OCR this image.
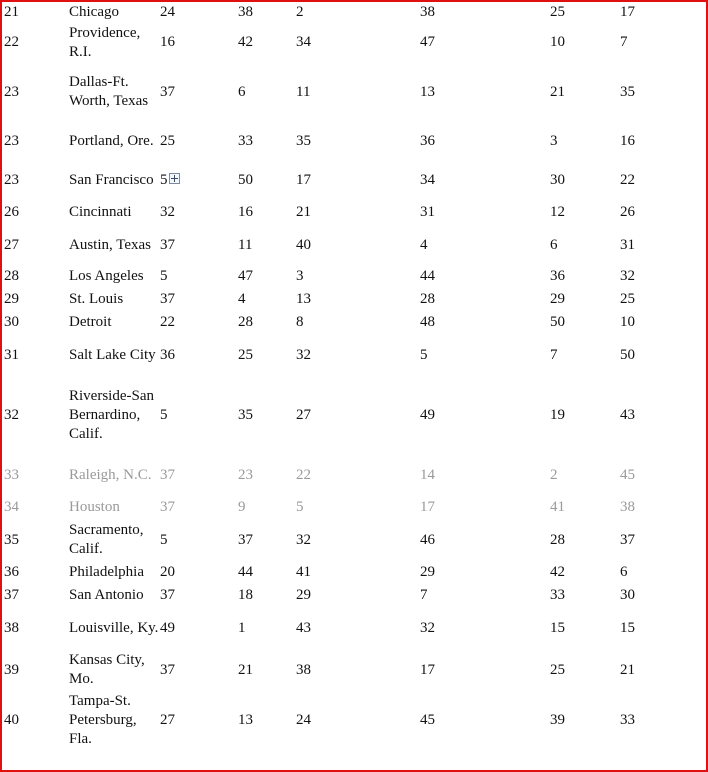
21	Chicago	24	38	2	38	25	17
22	Providence, R.I.	16	42	34	47	10	7
23	Dallas-Ft. Worth, Texas	37	6	11	13	21	35
23	Portland, Ore.	25	33	35	36	3	16
23	San Francisco	5	50	17	34	30	22
26	Cincinnati	32	16	21	31	12	26
27	Austin, Texas	37	11	40	4	6	31
28	Los Angeles	5	47	3	44	36	32
29	St. Louis	37	4	13	28	29	25
30	Detroit	22	28	8	48	50	10
31	Salt Lake City	36	25	32	5	7	50
32	Riverside-San Bernardino, Calif.	5	35	27	49	19	43
33	Raleigh, N.C.	37	23	22	14	2	45
34	Houston	37	9	5	17	41	38
35	Sacramento, Calif.	5	37	32	46	28	37
36	Philadelphia	20	44	41	29	42	6
37	San Antonio	37	18	29	7	33	30
38	Louisville, Ky.	49	1	43	32	15	15
39	Kansas City, Mo.	37	21	38	17	25	21
40	Tampa-St. Petersburg, Fla.	27	13	24	45	39	33
